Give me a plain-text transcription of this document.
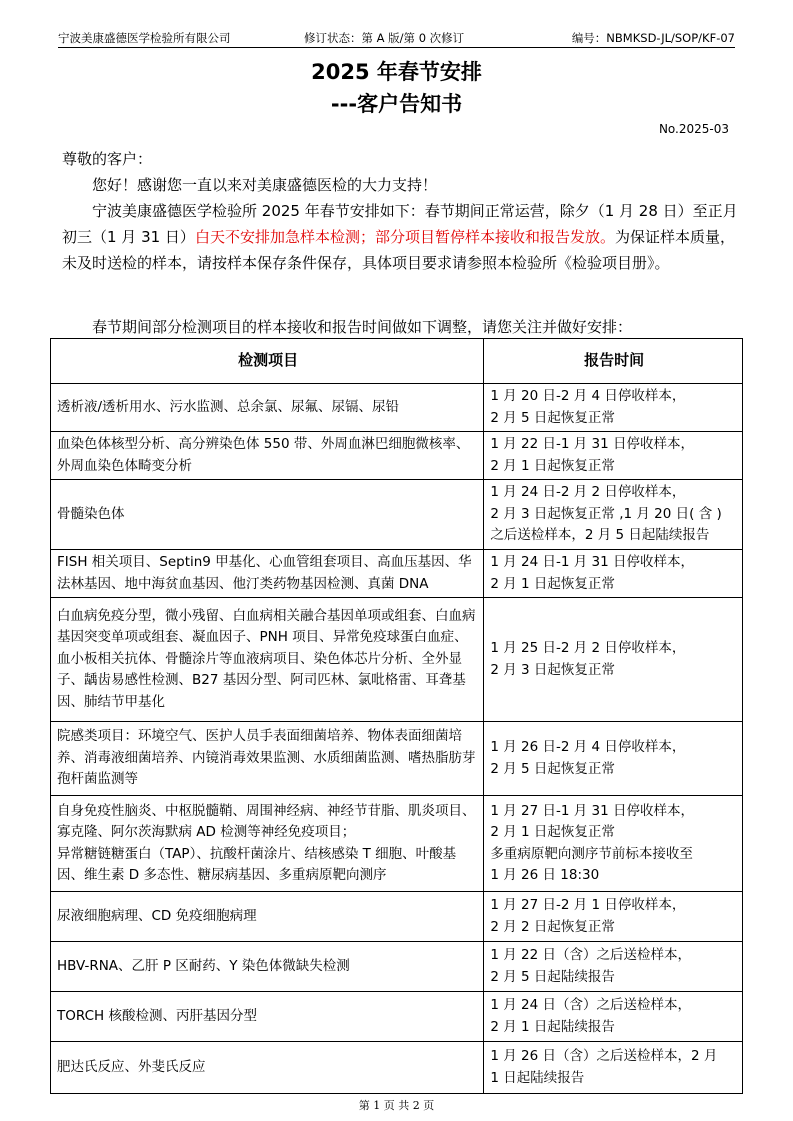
宁波美康盛德医学检验所有限公司	修订状态：第 A 版/第 0 次修订	编号：NBMKSD-JL/SOP/KF-07
2025 年春节安排
---客户告知书
No.2025-03
尊敬的客户：
您好！感谢您一直以来对美康盛德医检的大力支持！
宁波美康盛德医学检验所 2025 年春节安排如下：春节期间正常运营，除夕（1 月 28 日）至正月初三（1 月 31 日）白天不安排加急样本检测；部分项目暂停样本接收和报告发放。为保证样本质量，未及时送检的样本，请按样本保存条件保存，具体项目要求请参照本检验所《检验项目册》。
春节期间部分检测项目的样本接收和报告时间做如下调整，请您关注并做好安排：
检测项目	报告时间
透析液/透析用水、污水监测、总余氯、尿氟、尿镉、尿铅	1 月 20 日-2 月 4 日停收样本，
2 月 5 日起恢复正常
血染色体核型分析、高分辨染色体 550 带、外周血淋巴细胞微核率、外周血染色体畸变分析	1 月 22 日-1 月 31 日停收样本，
2 月 1 日起恢复正常
骨髓染色体	1 月 24 日-2 月 2 日停收样本，
2 月 3 日起恢复正常 ,1 月 20 日( 含 )
之后送检样本，2 月 5 日起陆续报告
FISH 相关项目、Septin9 甲基化、心血管组套项目、高血压基因、华法林基因、地中海贫血基因、他汀类药物基因检测、真菌 DNA	1 月 24 日-1 月 31 日停收样本，
2 月 1 日起恢复正常
白血病免疫分型，微小残留、白血病相关融合基因单项或组套、白血病基因突变单项或组套、凝血因子、PNH 项目、异常免疫球蛋白血症、血小板相关抗体、骨髓涂片等血液病项目、染色体芯片分析、全外显子、龋齿易感性检测、B27 基因分型、阿司匹林、氯吡格雷、耳聋基因、肺结节甲基化	1 月 25 日-2 月 2 日停收样本，
2 月 3 日起恢复正常
院感类项目：环境空气、医护人员手表面细菌培养、物体表面细菌培养、消毒液细菌培养、内镜消毒效果监测、水质细菌监测、嗜热脂肪芽孢杆菌监测等	1 月 26 日-2 月 4 日停收样本，
2 月 5 日起恢复正常
自身免疫性脑炎、中枢脱髓鞘、周围神经病、神经节苷脂、肌炎项目、寡克隆、阿尔茨海默病 AD 检测等神经免疫项目；
异常糖链糖蛋白（TAP）、抗酸杆菌涂片、结核感染 T 细胞、叶酸基因、维生素 D 多态性、糖尿病基因、多重病原靶向测序	1 月 27 日-1 月 31 日停收样本，
2 月 1 日起恢复正常
多重病原靶向测序节前标本接收至
1 月 26 日 18:30
尿液细胞病理、CD 免疫细胞病理	1 月 27 日-2 月 1 日停收样本，
2 月 2 日起恢复正常
HBV-RNA、乙肝 P 区耐药、Y 染色体微缺失检测	1 月 22 日（含）之后送检样本，
2 月 5 日起陆续报告
TORCH 核酸检测、丙肝基因分型	1 月 24 日（含）之后送检样本，
2 月 1 日起陆续报告
肥达氏反应、外斐氏反应	1 月 26 日（含）之后送检样本，2 月
1 日起陆续报告
第 1 页 共 2 页
